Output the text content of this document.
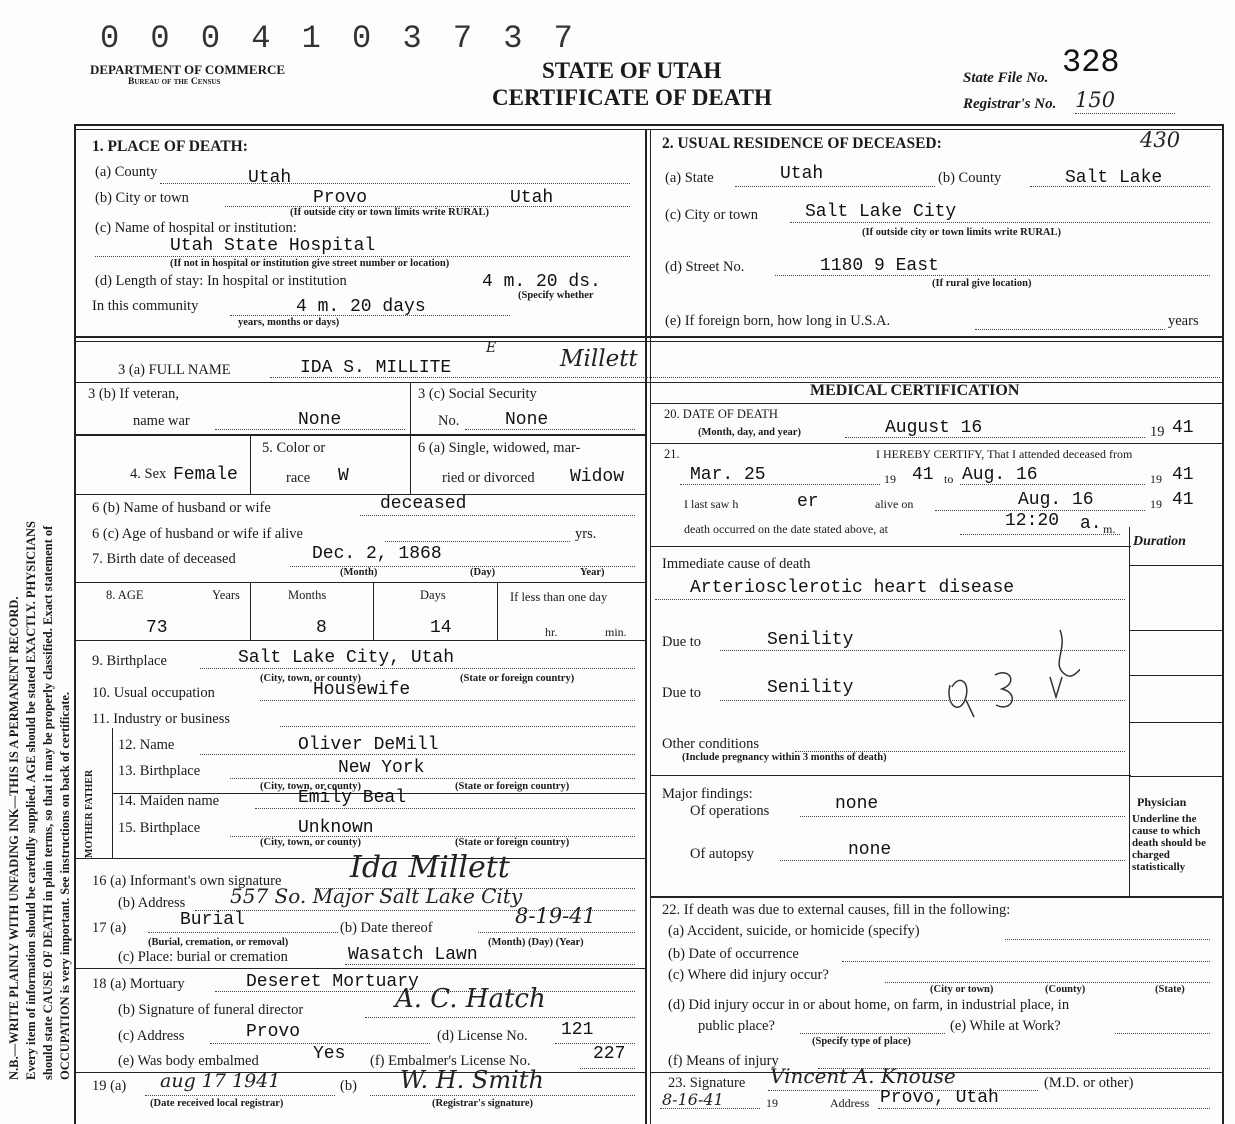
N.B.—WRITE PLAINLY WITH UNFADING INK—THIS IS A PERMANENT RECORD. Every item of information should be carefully supplied. AGE should be stated EXACTLY. PHYSICIANS should state CAUSE OF DEATH in plain terms, so that it may be properly classified. Exact statement of OCCUPATION is very important. See instructions on back of certificate.
0 0 0 4 1 0 3 7 3 7
DEPARTMENT OF COMMERCE
Bureau of the Census	STATE OF UTAH
CERTIFICATE OF DEATH
State File No. 328
Registrar's No. 150
1. PLACE OF DEATH:
(a) County	Utah
(b) City or town	Provo	Utah
(If outside city or town limits write RURAL)
(c) Name of hospital or institution:
Utah State Hospital
(If not in hospital or institution give street number or location)
(d) Length of stay: In hospital or institution	4 m. 20 ds.
(Specify whether
In this community	4 m. 20 days
years, months or days)
2. USUAL RESIDENCE OF DECEASED:	430
(a) State	Utah	(b) County	Salt Lake
(c) City or town	Salt Lake City
(If outside city or town limits write RURAL)
(d) Street No.	1180 9 East
(If rural give location)
(e) If foreign born, how long in U.S.A.	years
3 (a) FULL NAME	IDA S. MILLITE
E	Millett
3 (b) If veteran,
name war	None
3 (c) Social Security
No.	None
MEDICAL CERTIFICATION
20. DATE OF DEATH
(Month, day, and year)	August 16	19 41
4. Sex Female
5. Color or
race W
6 (a) Single, widowed, mar-
ried or divorced Widow
21.	I HEREBY CERTIFY, That I attended deceased from
Mar. 25	19 41 to Aug. 16	19 41
I last saw h	er	alive on	Aug. 16	19 41
death occurred on the date stated above, at	12:20 a. m.
Duration
Physician
Underline the cause to which death should be charged statistically
6 (b) Name of husband or wife	deceased
6 (c) Age of husband or wife if alive	yrs.
7. Birth date of deceased	Dec. 2, 1868
(Month)	(Day)	Year)
8. AGE	Years	Months	Days	If less than one day
73	8	14	hr.	min.
Immediate cause of death
Arteriosclerotic heart disease
Due to	Senility
Due to	Senility
Other conditions
(Include pregnancy within 3 months of death)
Major findings:
Of operations	none
Of autopsy	none
9. Birthplace	Salt Lake City, Utah
(City, town, or county)	(State or foreign country)
10. Usual occupation	Housewife
11. Industry or business
FATHER
MOTHER
12. Name	Oliver DeMill
13. Birthplace	New York
(City, town, or county)	(State or foreign country)
14. Maiden name	Emily Beal
15. Birthplace	Unknown
(City, town, or county)	(State or foreign country)
16 (a) Informant's own signature Ida Millett
(b) Address 557 So. Major Salt Lake City
17 (a)	Burial
(Burial, cremation, or removal)
(b) Date thereof	8-19-41
(Month) (Day) (Year)
(c) Place: burial or cremation	Wasatch Lawn
18 (a) Mortuary	Deseret Mortuary
(b) Signature of funeral director	A. C. Hatch
(c) Address	Provo	(d) License No. 121
(e) Was body embalmed	Yes (f) Embalmer's License No.	227
19 (a) aug 17 1941
(Date received local registrar)
(b) W. H. Smith
(Registrar's signature)
22. If death was due to external causes, fill in the following:
(a) Accident, suicide, or homicide (specify)
(b) Date of occurrence
(c) Where did injury occur?
(City or town)	(County)	(State)
(d) Did injury occur in or about home, on farm, in industrial place, in
public place?
(Specify type of place)
(e) While at Work?
(f) Means of injury
23. Signature Vincent A. Knouse	(M.D. or other)
8-16-41	19	Address Provo, Utah
